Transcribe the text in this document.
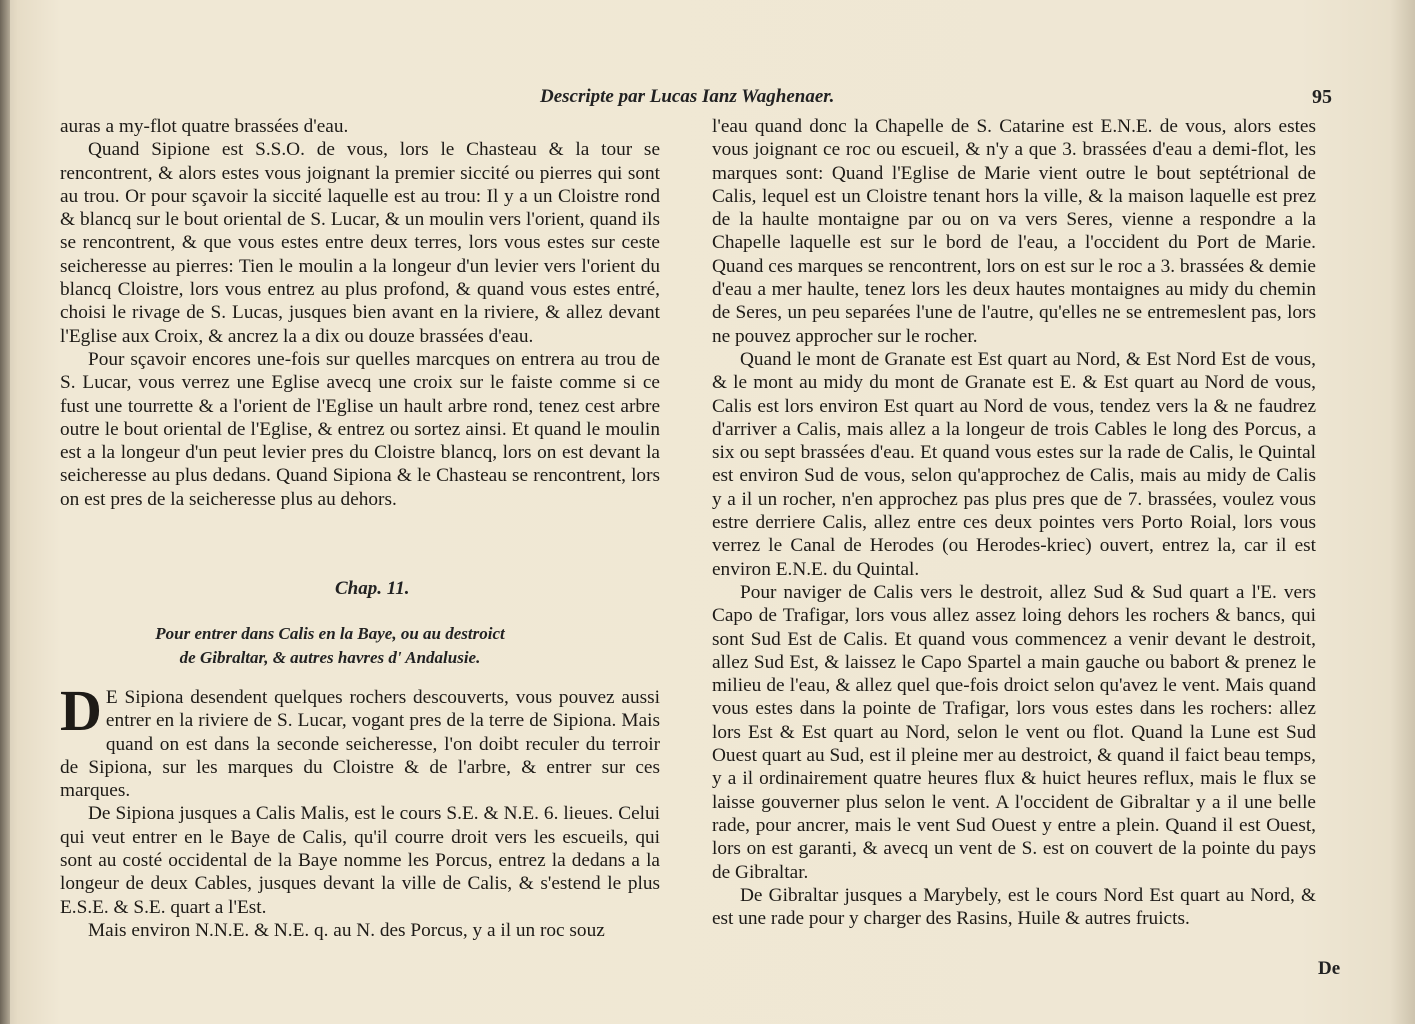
Descripte par Lucas Ianz Waghenaer.	95

auras a my-flot quatre brassées d'eau.

Quand Sipione est S.S.O. de vous, lors le Chasteau & la tour se rencontrent, & alors estes vous joignant la premier siccité ou pierres qui sont au trou. Or pour sçavoir la siccité laquelle est au trou: Il y a un Cloistre rond & blancq sur le bout oriental de S. Lucar, & un moulin vers l'orient, quand ils se rencontrent, & que vous estes entre deux terres, lors vous estes sur ceste seicheresse au pierres: Tien le moulin a la longeur d'un levier vers l'orient du blancq Cloistre, lors vous entrez au plus profond, & quand vous estes entré, choisi le rivage de S. Lucas, jusques bien avant en la riviere, & allez devant l'Eglise aux Croix, & ancrez la a dix ou douze brassées d'eau.

Pour sçavoir encores une-fois sur quelles marcques on entrera au trou de S. Lucar, vous verrez une Eglise avecq une croix sur le faiste comme si ce fust une tourrette & a l'orient de l'Eglise un hault arbre rond, tenez cest arbre outre le bout oriental de l'Eglise, & entrez ou sortez ainsi. Et quand le moulin est a la longeur d'un peut levier pres du Cloistre blancq, lors on est devant la seicheresse au plus dedans. Quand Sipiona & le Chasteau se rencontrent, lors on est pres de la seicheresse plus au dehors.

Chap. 11.
Pour entrer dans Calis en la Baye, ou au destroict de Gibraltar, & autres havres d' Andalusie.

D E Sipiona desendent quelques rochers descouverts, vous pouvez aussi entrer en la riviere de S. Lucar, vogant pres de la terre de Sipiona. Mais quand on est dans la seconde seicheresse, l'on doibt reculer du terroir de Sipiona, sur les marques du Cloistre & de l'arbre, & entrer sur ces marques.

De Sipiona jusques a Calis Malis, est le cours S.E. & N.E. 6. lieues. Celui qui veut entrer en le Baye de Calis, qu'il courre droit vers les escueils, qui sont au costé occidental de la Baye nomme les Porcus, entrez la dedans a la longeur de deux Cables, jusques devant la ville de Calis, & s'estend le plus E.S.E. & S.E. quart a l'Est.

Mais environ N.N.E. & N.E. q. au N. des Porcus, y a il un roc souz

l'eau quand donc la Chapelle de S. Catarine est E.N.E. de vous, alors estes vous joignant ce roc ou escueil, & n'y a que 3. brassées d'eau a demi-flot, les marques sont: Quand l'Eglise de Marie vient outre le bout septétrional de Calis, lequel est un Cloistre tenant hors la ville, & la maison laquelle est prez de la haulte montaigne par ou on va vers Seres, vienne a respondre a la Chapelle laquelle est sur le bord de l'eau, a l'occident du Port de Marie. Quand ces marques se rencontrent, lors on est sur le roc a 3. brassées & demie d'eau a mer haulte, tenez lors les deux hautes montaignes au midy du chemin de Seres, un peu separées l'une de l'autre, qu'elles ne se entremeslent pas, lors ne pouvez approcher sur le rocher.

Quand le mont de Granate est Est quart au Nord, & Est Nord Est de vous, & le mont au midy du mont de Granate est E. & Est quart au Nord de vous, Calis est lors environ Est quart au Nord de vous, tendez vers la & ne faudrez d'arriver a Calis, mais allez a la longeur de trois Cables le long des Porcus, a six ou sept brassées d'eau. Et quand vous estes sur la rade de Calis, le Quintal est environ Sud de vous, selon qu'approchez de Calis, mais au midy de Calis y a il un rocher, n'en approchez pas plus pres que de 7. brassées, voulez vous estre derriere Calis, allez entre ces deux pointes vers Porto Roial, lors vous verrez le Canal de Herodes (ou Herodes-kriec) ouvert, entrez la, car il est environ E.N.E. du Quintal.

Pour naviger de Calis vers le destroit, allez Sud & Sud quart a l'E. vers Capo de Trafigar, lors vous allez assez loing dehors les rochers & bancs, qui sont Sud Est de Calis. Et quand vous commencez a venir devant le destroit, allez Sud Est, & laissez le Capo Spartel a main gauche ou babort & prenez le milieu de l'eau, & allez quel que-fois droict selon qu'avez le vent. Mais quand vous estes dans la pointe de Trafigar, lors vous estes dans les rochers: allez lors Est & Est quart au Nord, selon le vent ou flot. Quand la Lune est Sud Ouest quart au Sud, est il pleine mer au destroict, & quand il faict beau temps, y a il ordinairement quatre heures flux & huict heures reflux, mais le flux se laisse gouverner plus selon le vent. A l'occident de Gibraltar y a il une belle rade, pour ancrer, mais le vent Sud Ouest y entre a plein. Quand il est Ouest, lors on est garanti, & avecq un vent de S. est on couvert de la pointe du pays de Gibraltar.

De Gibraltar jusques a Marybely, est le cours Nord Est quart au Nord, & est une rade pour y charger des Rasins, Huile & autres fruicts.

De
